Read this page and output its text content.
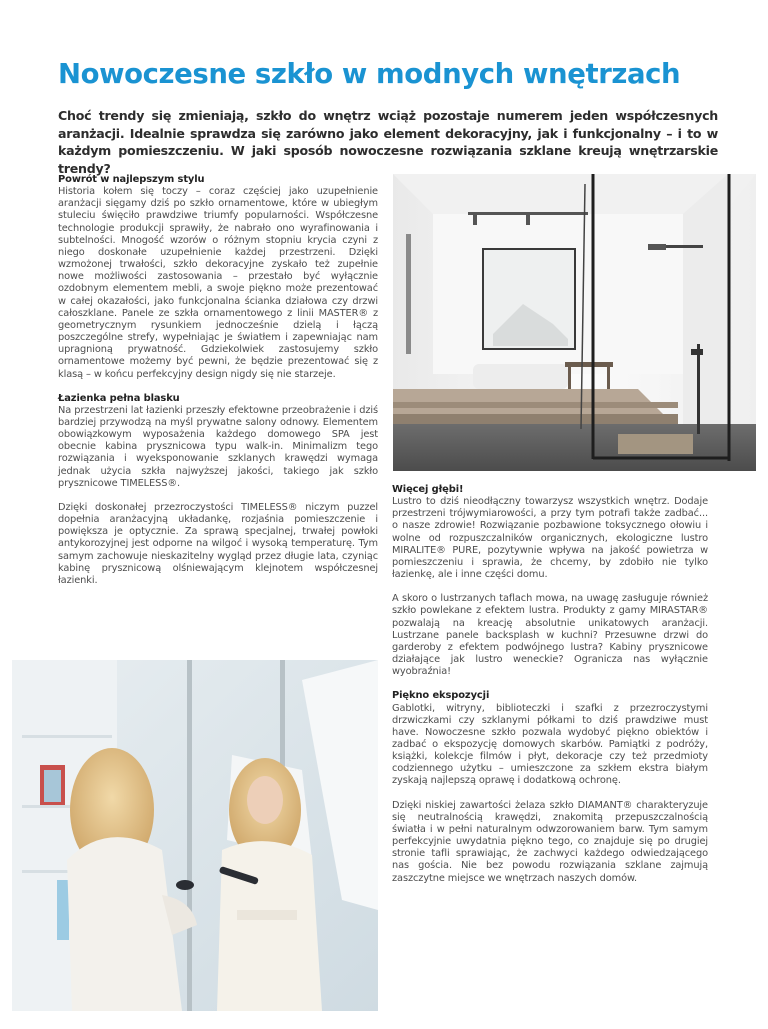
Nowoczesne szkło w modnych wnętrzach

Choć trendy się zmieniają, szkło do wnętrz wciąż pozostaje numerem jeden współczesnych aranżacji. Idealnie sprawdza się zarówno jako element dekoracyjny, jak i funkcjonalny – i to w każdym pomieszczeniu. W jaki sposób nowoczesne rozwiązania szklane kreują wnętrzarskie trendy?

Powrót w najlepszym stylu

Historia kołem się toczy – coraz częściej jako uzupełnienie aranżacji sięgamy dziś po szkło ornamentowe, które w ubiegłym stuleciu święciło prawdziwe triumfy popularności. Współczesne technologie produkcji sprawiły, że nabrało ono wyrafinowania i subtelności. Mnogość wzorów o różnym stopniu krycia czyni z niego doskonałe uzupełnienie każdej przestrzeni. Dzięki wzmożonej trwałości, szkło dekoracyjne zyskało też zupełnie nowe możliwości zastosowania – przestało być wyłącznie ozdobnym elementem mebli, a swoje piękno może prezentować w całej okazałości, jako funkcjonalna ścianka działowa czy drzwi całoszklane. Panele ze szkła ornamentowego z linii MASTER® z geometrycznym rysunkiem jednocześnie dzielą i łączą poszczególne strefy, wypełniając je światłem i zapewniając nam upragnioną prywatność. Gdziekolwiek zastosujemy szkło ornamentowe możemy być pewni, że będzie prezentować się z klasą – w końcu perfekcyjny design nigdy się nie starzeje.

Łazienka pełna blasku

Na przestrzeni lat łazienki przeszły efektowne przeobrażenie i dziś bardziej przywodzą na myśl prywatne salony odnowy. Elementem obowiązkowym wyposażenia każdego domowego SPA jest obecnie kabina prysznicowa typu walk-in. Minimalizm tego rozwiązania i wyeksponowanie szklanych krawędzi wymaga jednak użycia szkła najwyższej jakości, takiego jak szkło prysznicowe TIMELESS®.

Dzięki doskonałej przezroczystości TIMELESS® niczym puzzel dopełnia aranżacyjną układankę, rozjaśnia pomieszczenie i powiększa je optycznie. Za sprawą specjalnej, trwałej powłoki antykorozyjnej jest odporne na wilgoć i wysoką temperaturę. Tym samym zachowuje nieskazitelny wygląd przez długie lata, czyniąc kabinę prysznicową olśniewającym klejnotem współczesnej łazienki.

Więcej głębi!

Lustro to dziś nieodłączny towarzysz wszystkich wnętrz. Dodaje przestrzeni trójwymiarowości, a przy tym potrafi także zadbać... o nasze zdrowie! Rozwiązanie pozbawione toksycznego ołowiu i wolne od rozpuszczalników organicznych, ekologiczne lustro MIRALITE® PURE, pozytywnie wpływa na jakość powietrza w pomieszczeniu i sprawia, że chcemy, by zdobiło nie tylko łazienkę, ale i inne części domu.

A skoro o lustrzanych taflach mowa, na uwagę zasługuje również szkło powlekane z efektem lustra. Produkty z gamy MIRASTAR® pozwalają na kreację absolutnie unikatowych aranżacji. Lustrzane panele backsplash w kuchni? Przesuwne drzwi do garderoby z efektem podwójnego lustra? Kabiny prysznicowe działające jak lustro weneckie? Ogranicza nas wyłącznie wyobraźnia!

Piękno ekspozycji

Gablotki, witryny, biblioteczki i szafki z przezroczystymi drzwiczkami czy szklanymi półkami to dziś prawdziwe must have. Nowoczesne szkło pozwala wydobyć piękno obiektów i zadbać o ekspozycję domowych skarbów. Pamiątki z podróży, książki, kolekcje filmów i płyt, dekoracje czy też przedmioty codziennego użytku – umieszczone za szkłem ekstra białym zyskają najlepszą oprawę i dodatkową ochronę.

Dzięki niskiej zawartości żelaza szkło DIAMANT® charakteryzuje się neutralnością krawędzi, znakomitą przepuszczalnością światła i w pełni naturalnym odwzorowaniem barw. Tym samym perfekcyjnie uwydatnia piękno tego, co znajduje się po drugiej stronie tafli sprawiając, że zachwyci każdego odwiedzającego nas gościa. Nie bez powodu rozwiązania szklane zajmują zaszczytne miejsce we wnętrzach naszych domów.
